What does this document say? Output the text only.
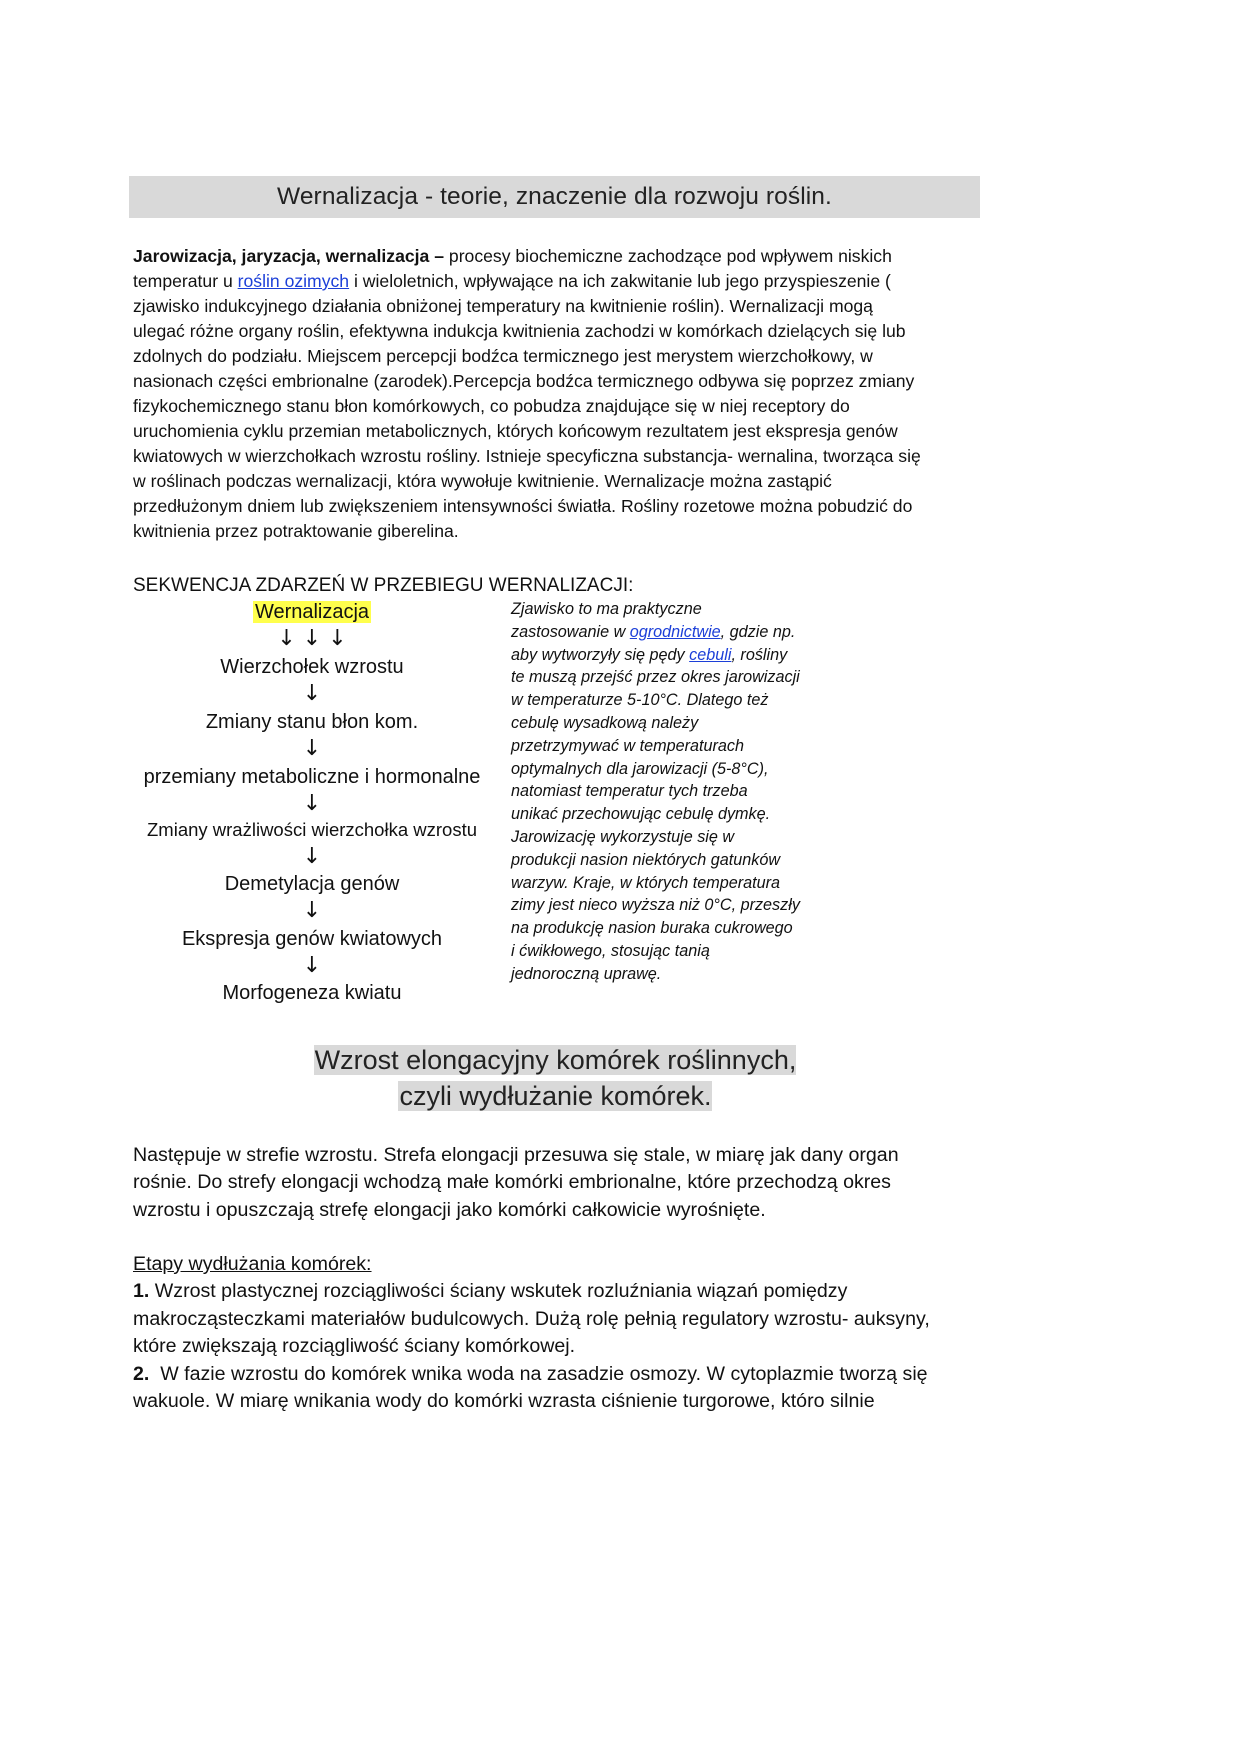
Wernalizacja - teorie, znaczenie dla rozwoju roślin.
Jarowizacja, jaryzacja, wernalizacja – procesy biochemiczne zachodzące pod wpływem niskich
temperatur u roślin ozimych i wieloletnich, wpływające na ich zakwitanie lub jego przyspieszenie (
zjawisko indukcyjnego działania obniżonej temperatury na kwitnienie roślin). Wernalizacji mogą
ulegać różne organy roślin, efektywna indukcja kwitnienia zachodzi w komórkach dzielących się lub
zdolnych do podziału. Miejscem percepcji bodźca termicznego jest merystem wierzchołkowy, w
nasionach części embrionalne (zarodek).Percepcja bodźca termicznego odbywa się poprzez zmiany
fizykochemicznego stanu błon komórkowych, co pobudza znajdujące się w niej receptory do
uruchomienia cyklu przemian metabolicznych, których końcowym rezultatem jest ekspresja genów
kwiatowych w wierzchołkach wzrostu rośliny. Istnieje specyficzna substancja- wernalina, tworząca się
w roślinach podczas wernalizacji, która wywołuje kwitnienie. Wernalizacje można zastąpić
przedłużonym dniem lub zwiększeniem intensywności światła. Rośliny rozetowe można pobudzić do
kwitnienia przez potraktowanie giberelina.
SEKWENCJA ZDARZEŃ W PRZEBIEGU WERNALIZACJI:
Wernalizacja
↓ ↓ ↓
Wierzchołek wzrostu
↓
Zmiany stanu błon kom.
↓
przemiany metaboliczne i hormonalne
↓
Zmiany wrażliwości wierzchołka wzrostu
↓
Demetylacja genów
↓
Ekspresja genów kwiatowych
↓
Morfogeneza kwiatu
Zjawisko to ma praktyczne
zastosowanie w ogrodnictwie, gdzie np.
aby wytworzyły się pędy cebuli, rośliny
te muszą przejść przez okres jarowizacji
w temperaturze 5-10°C. Dlatego też
cebulę wysadkową należy
przetrzymywać w temperaturach
optymalnych dla jarowizacji (5-8°C),
natomiast temperatur tych trzeba
unikać przechowując cebulę dymkę.
Jarowizację wykorzystuje się w
produkcji nasion niektórych gatunków
warzyw. Kraje, w których temperatura
zimy jest nieco wyższa niż 0°C, przeszły
na produkcję nasion buraka cukrowego
i ćwikłowego, stosując tanią
jednoroczną uprawę.
Wzrost elongacyjny komórek roślinnych,
czyli wydłużanie komórek.
Następuje w strefie wzrostu. Strefa elongacji przesuwa się stale, w miarę jak dany organ
rośnie. Do strefy elongacji wchodzą małe komórki embrionalne, które przechodzą okres
wzrostu i opuszczają strefę elongacji jako komórki całkowicie wyrośnięte.
Etapy wydłużania komórek:
1. Wzrost plastycznej rozciągliwości ściany wskutek rozluźniania wiązań pomiędzy
makrocząsteczkami materiałów budulcowych. Dużą rolę pełnią regulatory wzrostu- auksyny,
które zwiększają rozciągliwość ściany komórkowej.
2.  W fazie wzrostu do komórek wnika woda na zasadzie osmozy. W cytoplazmie tworzą się
wakuole. W miarę wnikania wody do komórki wzrasta ciśnienie turgorowe, któro silnie
